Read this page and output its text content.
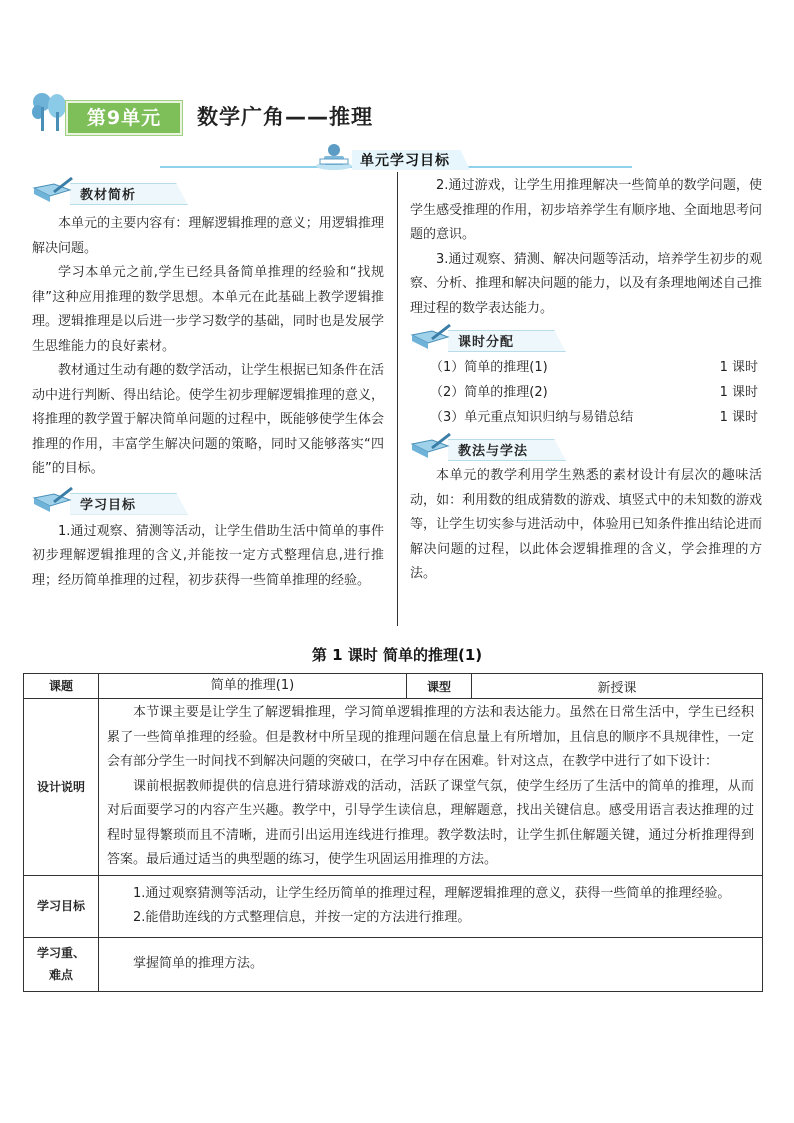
第9单元	数学广角——推理
单元学习目标
教材简析
本单元的主要内容有：理解逻辑推理的意义；用逻辑推理解决问题。
学习本单元之前,学生已经具备简单推理的经验和“找规律”这种应用推理的数学思想。本单元在此基础上教学逻辑推理。逻辑推理是以后进一步学习数学的基础，同时也是发展学生思维能力的良好素材。
教材通过生动有趣的数学活动，让学生根据已知条件在活动中进行判断、得出结论。使学生初步理解逻辑推理的意义，将推理的教学置于解决简单问题的过程中，既能够使学生体会推理的作用，丰富学生解决问题的策略，同时又能够落实“四能”的目标。
学习目标
1.通过观察、猜测等活动，让学生借助生活中简单的事件初步理解逻辑推理的含义,并能按一定方式整理信息,进行推理；经历简单推理的过程，初步获得一些简单推理的经验。
2.通过游戏，让学生用推理解决一些简单的数学问题，使学生感受推理的作用，初步培养学生有顺序地、全面地思考问题的意识。
3.通过观察、猜测、解决问题等活动，培养学生初步的观察、分析、推理和解决问题的能力，以及有条理地阐述自己推理过程的数学表达能力。
课时分配
（1）简单的推理(1)	1 课时
（2）简单的推理(2)	1 课时
（3）单元重点知识归纳与易错总结	1 课时
教法与学法
本单元的教学利用学生熟悉的素材设计有层次的趣味活动，如：利用数的组成猜数的游戏、填竖式中的未知数的游戏等，让学生切实参与进活动中，体验用已知条件推出结论进而解决问题的过程，以此体会逻辑推理的含义，学会推理的方法。
第 1 课时 简单的推理(1)
课题	简单的推理(1)	课型	新授课
设计说明	本节课主要是让学生了解逻辑推理，学习简单逻辑推理的方法和表达能力。虽然在日常生活中，学生已经积累了一些简单推理的经验。但是教材中所呈现的推理问题在信息量上有所增加，且信息的顺序不具规律性，一定会有部分学生一时间找不到解决问题的突破口，在学习中存在困难。针对这点，在教学中进行了如下设计：
课前根据教师提供的信息进行猜球游戏的活动，活跃了课堂气氛，使学生经历了生活中的简单的推理，从而对后面要学习的内容产生兴趣。教学中，引导学生读信息，理解题意，找出关键信息。感受用语言表达推理的过程时显得繁琐而且不清晰，进而引出运用连线进行推理。教学数法时，让学生抓住解题关键，通过分析推理得到答案。最后通过适当的典型题的练习，使学生巩固运用推理的方法。		

学习目标	1.通过观察猜测等活动，让学生经历简单的推理过程，理解逻辑推理的意义，获得一些简单的推理经验。
2.能借助连线的方式整理信息，并按一定的方法进行推理。		

学习重、
难点	掌握简单的推理方法。		
